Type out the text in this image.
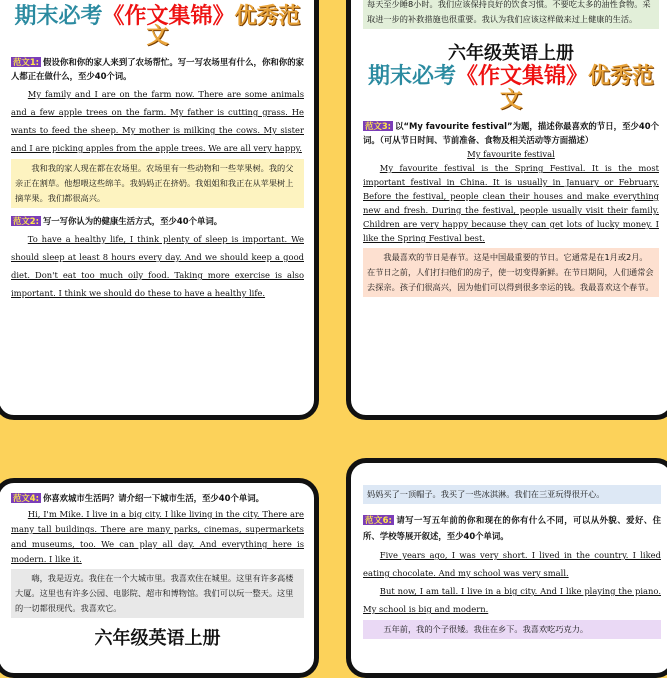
期末必考《作文集锦》优秀范文

范文1: 假设你和你的家人来到了农场帮忙。写一写农场里有什么，你和你的家人都正在做什么，至少40个词。

My family and I are on the farm now. There are some animals and a few apple trees on the farm. My father is cutting grass. He wants to feed the sheep. My mother is milking the cows. My sister and I are picking apples from the apple trees. We are all very happy.

我和我的家人现在都在农场里。农场里有一些动物和一些苹果树。我的父亲正在割草。他想喂这些绵羊。我妈妈正在挤奶。我姐姐和我正在从苹果树上摘苹果。我们都很高兴。

范文2: 写一写你认为的健康生活方式，至少40个单词。

To have a healthy life, I think plenty of sleep is important. We should sleep at least 8 hours every day. And we should keep a good diet. Don't eat too much oily food. Taking more exercise is also important. I think we should do these to have a healthy life.

每天至少睡8小时。我们应该保持良好的饮食习惯。不要吃太多的油性食物。采取进一步的补救措施也很重要。我认为我们应该这样做来过上健康的生活。

六年级英语上册
期末必考《作文集锦》优秀范文

范文3: 以“My favourite festival”为题，描述你最喜欢的节日，至少40个词。（可从节日时间、节前准备、食物及相关活动等方面描述）

My favourite festival

My favourite festival is the Spring Festival. It is the most important festival in China. It is usually in January or February. Before the festival, people clean their houses and make everything new and fresh. During the festival, people usually visit their family. Children are very happy because they can get lots of lucky money. I like the Spring Festival best.

我最喜欢的节日是春节。这是中国最重要的节日。它通常是在1月或2月。在节日之前，人们打扫他们的房子，使一切变得新鲜。在节日期间，人们通常会去探亲。孩子们很高兴，因为他们可以得到很多幸运的钱。我最喜欢这个春节。

范文4: 你喜欢城市生活吗？请介绍一下城市生活，至少40个单词。

Hi, I'm Mike. I live in a big city. I like living in the city. There are many tall buildings. There are many parks, cinemas, supermarkets and museums, too. We can play all day. And everything here is modern. I like it.

嗨，我是迈克。我住在一个大城市里。我喜欢住在城里。这里有许多高楼大厦。这里也有许多公园、电影院、超市和博物馆。我们可以玩一整天。这里的一切都很现代。我喜欢它。

六年级英语上册

妈妈买了一顶帽子。我买了一些冰淇淋。我们在三亚玩得很开心。

范文6: 请写一写五年前的你和现在的你有什么不同，可以从外貌、爱好、住所、学校等展开叙述，至少40个单词。

Five years ago, I was very short. I lived in the country. I liked eating chocolate. And my school was very small.

But now, I am tall. I live in a big city. And I like playing the piano. My school is big and modern.

五年前，我的个子很矮。我住在乡下。我喜欢吃巧克力。
